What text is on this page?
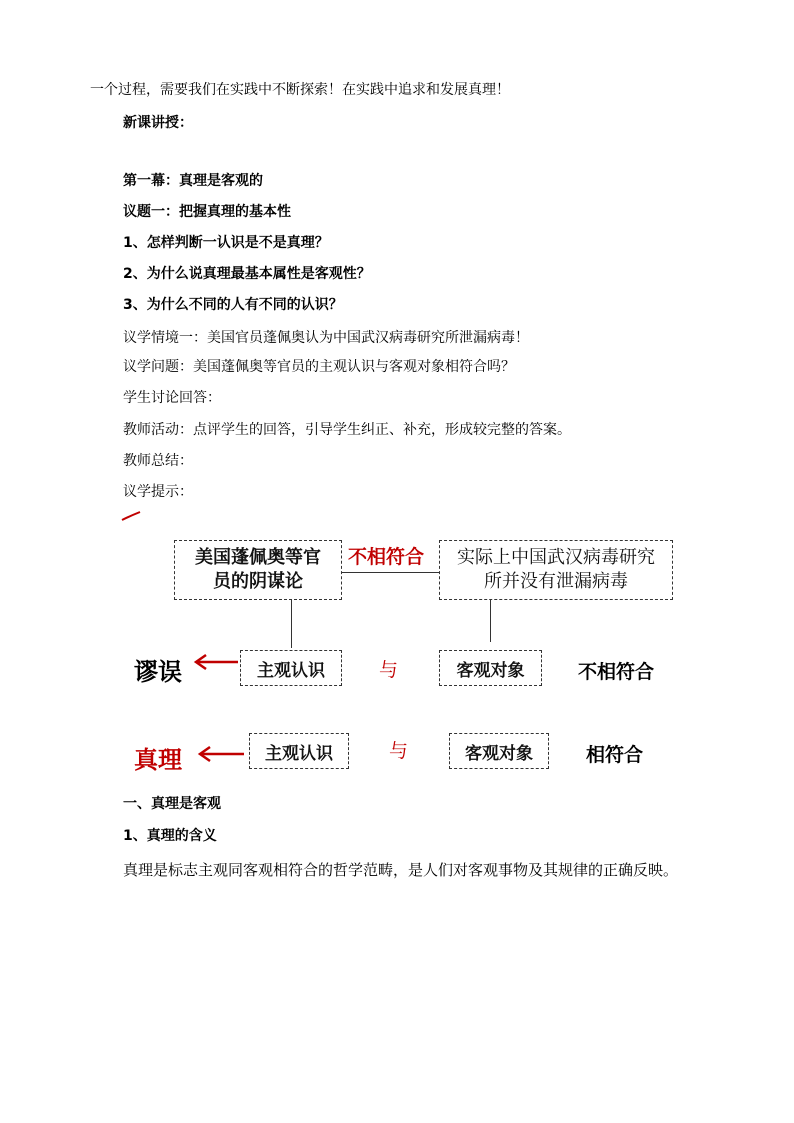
一个过程，需要我们在实践中不断探索！在实践中追求和发展真理！
新课讲授：
第一幕：真理是客观的
议题一：把握真理的基本性
1、怎样判断一认识是不是真理？
2、为什么说真理最基本属性是客观性？
3、为什么不同的人有不同的认识？
议学情境一：美国官员蓬佩奥认为中国武汉病毒研究所泄漏病毒！
议学问题：美国蓬佩奥等官员的主观认识与客观对象相符合吗？
学生讨论回答：
教师活动：点评学生的回答，引导学生纠正、补充，形成较完整的答案。
教师总结：
议学提示：
美国蓬佩奥等官员的阴谋论
不相符合 实际上中国武汉病毒研究所并没有泄漏病毒
谬误	主观认识	与	客观对象	不相符合
真理	主观认识	与	客观对象	相符合
一、真理是客观
1、真理的含义
真理是标志主观同客观相符合的哲学范畴，是人们对客观事物及其规律的正确反映。
